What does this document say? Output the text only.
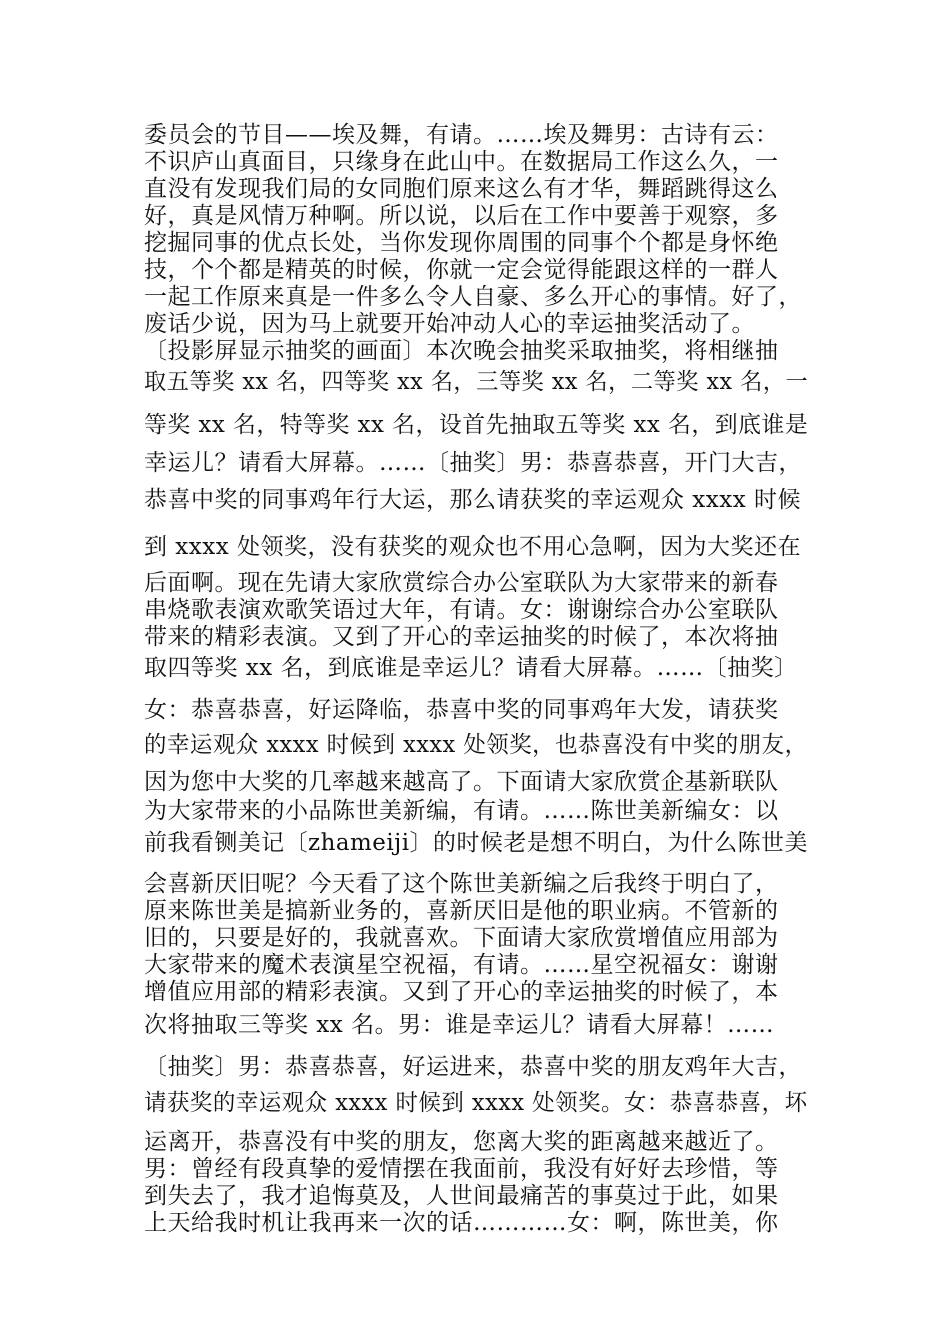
委员会的节目——埃及舞，有请。……埃及舞男：古诗有云：
不识庐山真面目，只缘身在此山中。在数据局工作这么久，一
直没有发现我们局的女同胞们原来这么有才华，舞蹈跳得这么
好，真是风情万种啊。所以说，以后在工作中要善于观察，多
挖掘同事的优点长处，当你发现你周围的同事个个都是身怀绝
技，个个都是精英的时候，你就一定会觉得能跟这样的一群人
一起工作原来真是一件多么令人自豪、多么开心的事情。好了，
废话少说，因为马上就要开始冲动人心的幸运抽奖活动了。
〔投影屏显示抽奖的画面〕本次晚会抽奖采取抽奖，将相继抽
取五等奖 xx 名，四等奖 xx 名，三等奖 xx 名，二等奖 xx 名，一
等奖 xx 名，特等奖 xx 名，设首先抽取五等奖 xx 名，到底谁是
幸运儿？请看大屏幕。……〔抽奖〕男：恭喜恭喜，开门大吉，
恭喜中奖的同事鸡年行大运，那么请获奖的幸运观众 xxxx 时候
到 xxxx 处领奖，没有获奖的观众也不用心急啊，因为大奖还在
后面啊。现在先请大家欣赏综合办公室联队为大家带来的新春
串烧歌表演欢歌笑语过大年，有请。女：谢谢综合办公室联队
带来的精彩表演。又到了开心的幸运抽奖的时候了，本次将抽
取四等奖 xx 名，到底谁是幸运儿？请看大屏幕。……〔抽奖〕
女：恭喜恭喜，好运降临，恭喜中奖的同事鸡年大发，请获奖
的幸运观众 xxxx 时候到 xxxx 处领奖，也恭喜没有中奖的朋友，
因为您中大奖的几率越来越高了。下面请大家欣赏企基新联队
为大家带来的小品陈世美新编，有请。……陈世美新编女：以
前我看铡美记〔zhameiji〕的时候老是想不明白，为什么陈世美
会喜新厌旧呢？今天看了这个陈世美新编之后我终于明白了，
原来陈世美是搞新业务的，喜新厌旧是他的职业病。不管新的
旧的，只要是好的，我就喜欢。下面请大家欣赏增值应用部为
大家带来的魔术表演星空祝福，有请。……星空祝福女：谢谢
增值应用部的精彩表演。又到了开心的幸运抽奖的时候了，本
次将抽取三等奖 xx 名。男：谁是幸运儿？请看大屏幕！……
〔抽奖〕男：恭喜恭喜，好运进来，恭喜中奖的朋友鸡年大吉，
请获奖的幸运观众 xxxx 时候到 xxxx 处领奖。女：恭喜恭喜，坏
运离开，恭喜没有中奖的朋友，您离大奖的距离越来越近了。
男：曾经有段真挚的爱情摆在我面前，我没有好好去珍惜，等
到失去了，我才追悔莫及，人世间最痛苦的事莫过于此，如果
上天给我时机让我再来一次的话…………女：啊，陈世美，你
